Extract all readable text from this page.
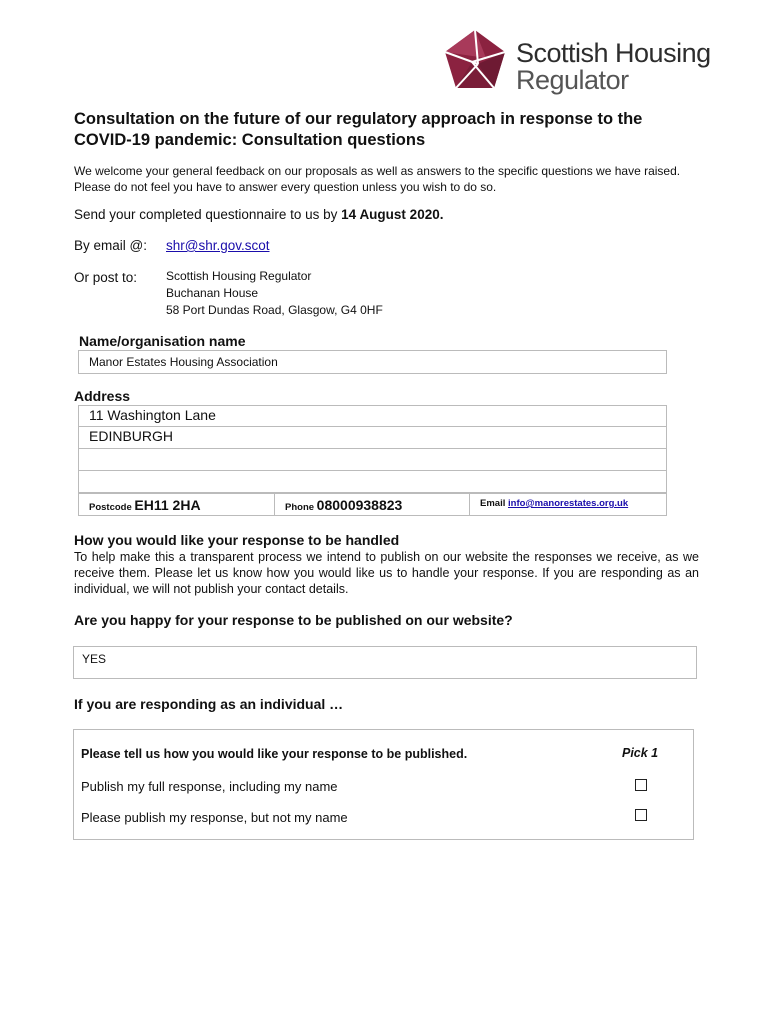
Scottish Housing
Regulator
Consultation on the future of our regulatory approach in response to the COVID-19 pandemic: Consultation questions
We welcome your general feedback on our proposals as well as answers to the specific questions we have raised. Please do not feel you have to answer every question unless you wish to do so.
Send your completed questionnaire to us by 14 August 2020.
By email @: shr@shr.gov.scot
Or post to: Scottish Housing Regulator
Buchanan House
58 Port Dundas Road, Glasgow, G4 0HF
Name/organisation name
Manor Estates Housing Association
Address
11 Washington Lane
EDINBURGH
Postcode EH11 2HA	Phone 08000938823	Email info@manorestates.org.uk
How you would like your response to be handled
To help make this a transparent process we intend to publish on our website the responses we receive, as we receive them. Please let us know how you would like us to handle your response. If you are responding as an individual, we will not publish your contact details.
Are you happy for your response to be published on our website?
YES
If you are responding as an individual …
Please tell us how you would like your response to be published.	Pick 1
Publish my full response, including my name
Please publish my response, but not my name
